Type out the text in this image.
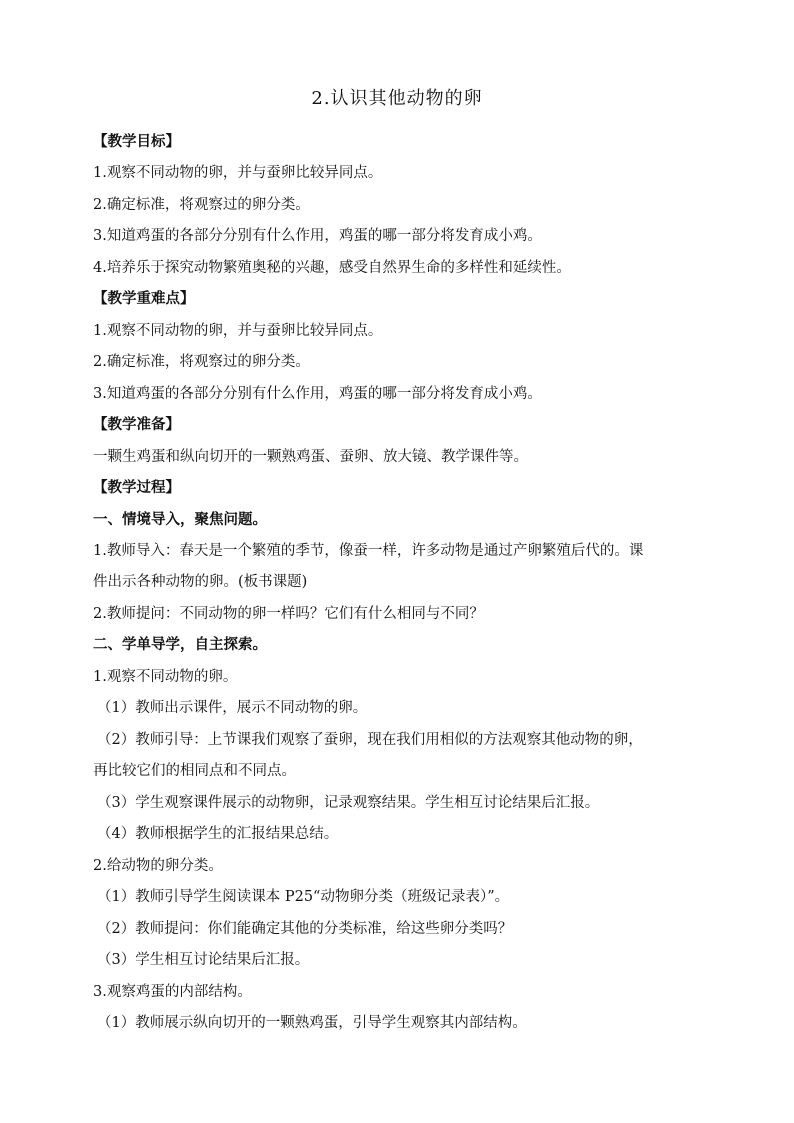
2.认识其他动物的卵
【教学目标】
1.观察不同动物的卵，并与蚕卵比较异同点。
2.确定标准，将观察过的卵分类。
3.知道鸡蛋的各部分分别有什么作用，鸡蛋的哪一部分将发育成小鸡。
4.培养乐于探究动物繁殖奥秘的兴趣，感受自然界生命的多样性和延续性。
【教学重难点】
1.观察不同动物的卵，并与蚕卵比较异同点。
2.确定标准，将观察过的卵分类。
3.知道鸡蛋的各部分分别有什么作用，鸡蛋的哪一部分将发育成小鸡。
【教学准备】
一颗生鸡蛋和纵向切开的一颗熟鸡蛋、蚕卵、放大镜、教学课件等。
【教学过程】
一、情境导入，聚焦问题。
1.教师导入：春天是一个繁殖的季节，像蚕一样，许多动物是通过产卵繁殖后代的。课
件出示各种动物的卵。(板书课题)
2.教师提问：不同动物的卵一样吗？它们有什么相同与不同？
二、学单导学，自主探索。
1.观察不同动物的卵。
（1）教师出示课件，展示不同动物的卵。
（2）教师引导：上节课我们观察了蚕卵，现在我们用相似的方法观察其他动物的卵，
再比较它们的相同点和不同点。
（3）学生观察课件展示的动物卵，记录观察结果。学生相互讨论结果后汇报。
（4）教师根据学生的汇报结果总结。
2.给动物的卵分类。
（1）教师引导学生阅读课本 P25“动物卵分类（班级记录表）”。
（2）教师提问：你们能确定其他的分类标准，给这些卵分类吗？
（3）学生相互讨论结果后汇报。
3.观察鸡蛋的内部结构。
（1）教师展示纵向切开的一颗熟鸡蛋，引导学生观察其内部结构。
